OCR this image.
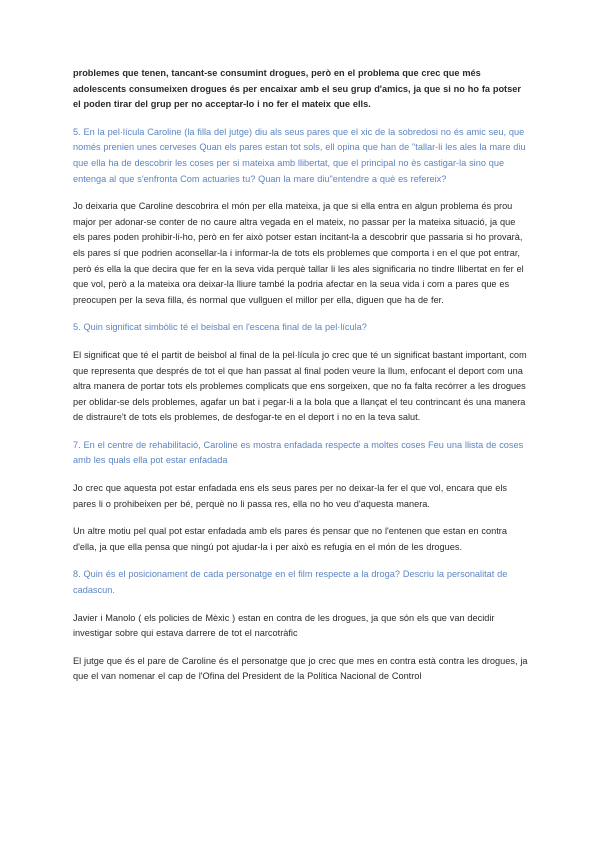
problemes que tenen, tancant-se consumint drogues, però en el problema que crec que més adolescents consumeixen drogues és per encaixar amb el seu grup d'amics, ja que si no ho fa potser el poden tirar del grup per no acceptar-lo i no fer el mateix que ells.

5. En la pel·lícula Caroline (la filla del jutge) diu als seus pares que el xic de la sobredosi no és amic seu, que només prenien unes cerveses Quan els pares estan tot sols, ell opina que han de "tallar-li les ales la mare diu que ella ha de descobrir les coses per si mateixa amb llibertat, que el principal no ès castigar-la sino que entenga al que s'enfronta Com actuaries tu? Quan la mare diu"entendre a què es refereix?

Jo deixaria que Caroline descobrira el món per ella mateixa, ja que si ella entra en algun problema és prou major per adonar-se conter de no caure altra vegada en el mateix, no passar per la mateixa situació, ja que els pares poden prohibir-li-ho, però en fer això potser estan incitant-la a descobrir que passaria si ho provarà, els pares sí que podrien aconsellar-la i informar-la de tots els problemes que comporta i en el que pot entrar, però és ella la que decira que fer en la seva vida perquè tallar li les ales significaria no tindre llibertat en fer el que vol, però a la mateixa ora deixar-la lliure també la podria afectar en la seua vida i com a pares que es preocupen per la seva filla, és normal que vullguen el millor per ella, diguen que ha de fer.

5. Quin significat simbòlic té el beisbal en l'escena final de la pel·lícula?

El significat que té el partit de beisbol al final de la pel·lícula jo crec que té un significat bastant important, com que representa que després de tot el que han passat al final poden veure la llum, enfocant el deport com una altra manera de portar tots els problemes complicats que ens sorgeixen, que no fa falta recórrer a les drogues per oblidar-se dels problemes, agafar un bat i pegar-li a la bola que a llançat el teu contrincant és una manera de distraure't de tots els problemes, de desfogar-te en el deport i no en la teva salut.

7. En el centre de rehabilitació, Caroline es mostra enfadada respecte a moltes coses Feu una llista de coses amb les quals ella pot estar enfadada

Jo crec que aquesta pot estar enfadada ens els seus pares per no deixar-la fer el que vol, encara que els pares li o prohibeixen per bé, perquè no li passa res, ella no ho veu d'aquesta manera.

Un altre motiu pel qual pot estar enfadada amb els pares és pensar que no l'entenen que estan en contra d'ella, ja que ella pensa que ningú pot ajudar-la i per això es refugia en el món de les drogues.

8. Quin és el posicionament de cada personatge en el film respecte a la droga? Descriu la personalitat de cadascun.

Javier i Manolo ( els policies de Mèxic ) estan en contra de les drogues, ja que són els que van decidir investigar sobre qui estava darrere de tot el narcotràfic

El jutge que és el pare de Caroline és el personatge que jo crec que mes en contra està contra les drogues, ja que el van nomenar el cap de l'Ofina del President de la Política Nacional de Control
